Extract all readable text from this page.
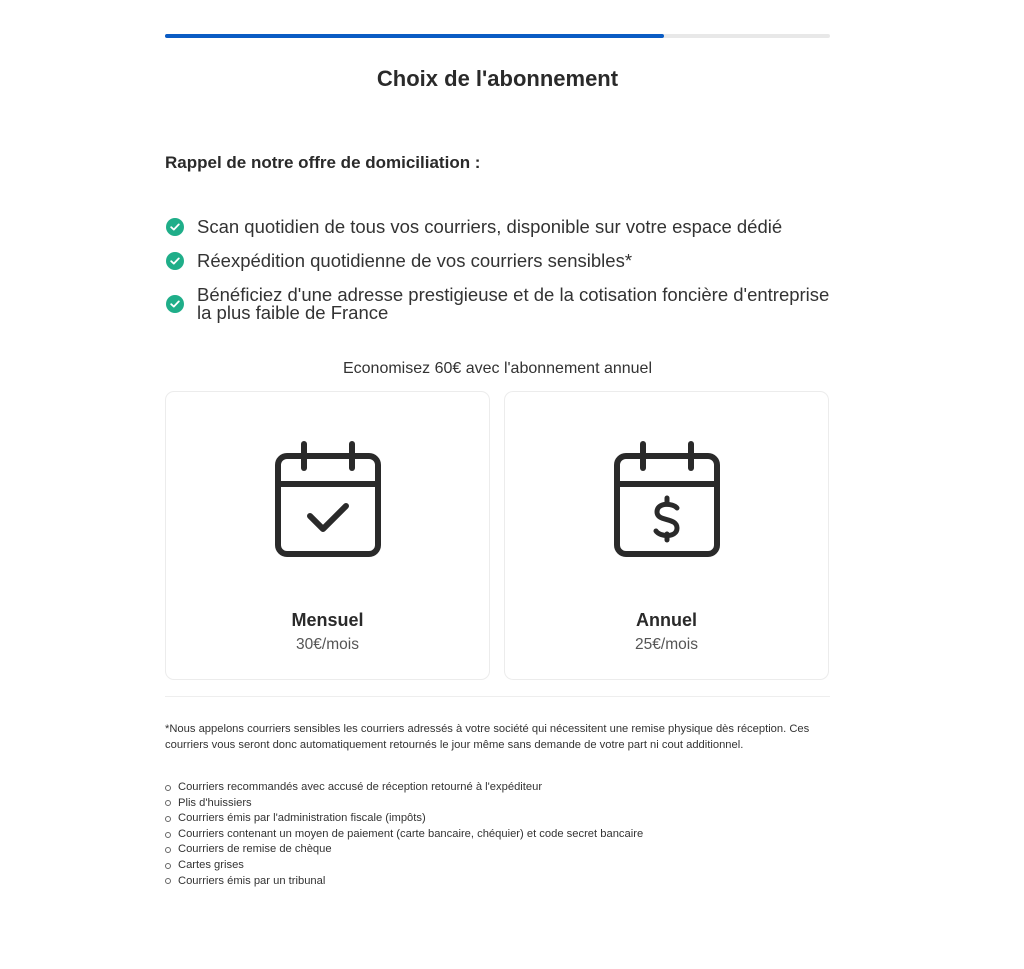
Choix de l'abonnement
Rappel de notre offre de domiciliation :
Scan quotidien de tous vos courriers, disponible sur votre espace dédié
Réexpédition quotidienne de vos courriers sensibles*
Bénéficiez d'une adresse prestigieuse et de la cotisation foncière d'entreprise la plus faible de France
Economisez 60€ avec l'abonnement annuel
Mensuel
30€/mois
Annuel
25€/mois

*Nous appelons courriers sensibles les courriers adressés à votre société qui nécessitent une remise physique dès réception. Ces courriers vous seront donc automatiquement retournés le jour même sans demande de votre part ni cout additionnel.

Courriers recommandés avec accusé de réception retourné à l'expéditeur
Plis d'huissiers
Courriers émis par l'administration fiscale (impôts)
Courriers contenant un moyen de paiement (carte bancaire, chéquier) et code secret bancaire
Courriers de remise de chèque
Cartes grises
Courriers émis par un tribunal
